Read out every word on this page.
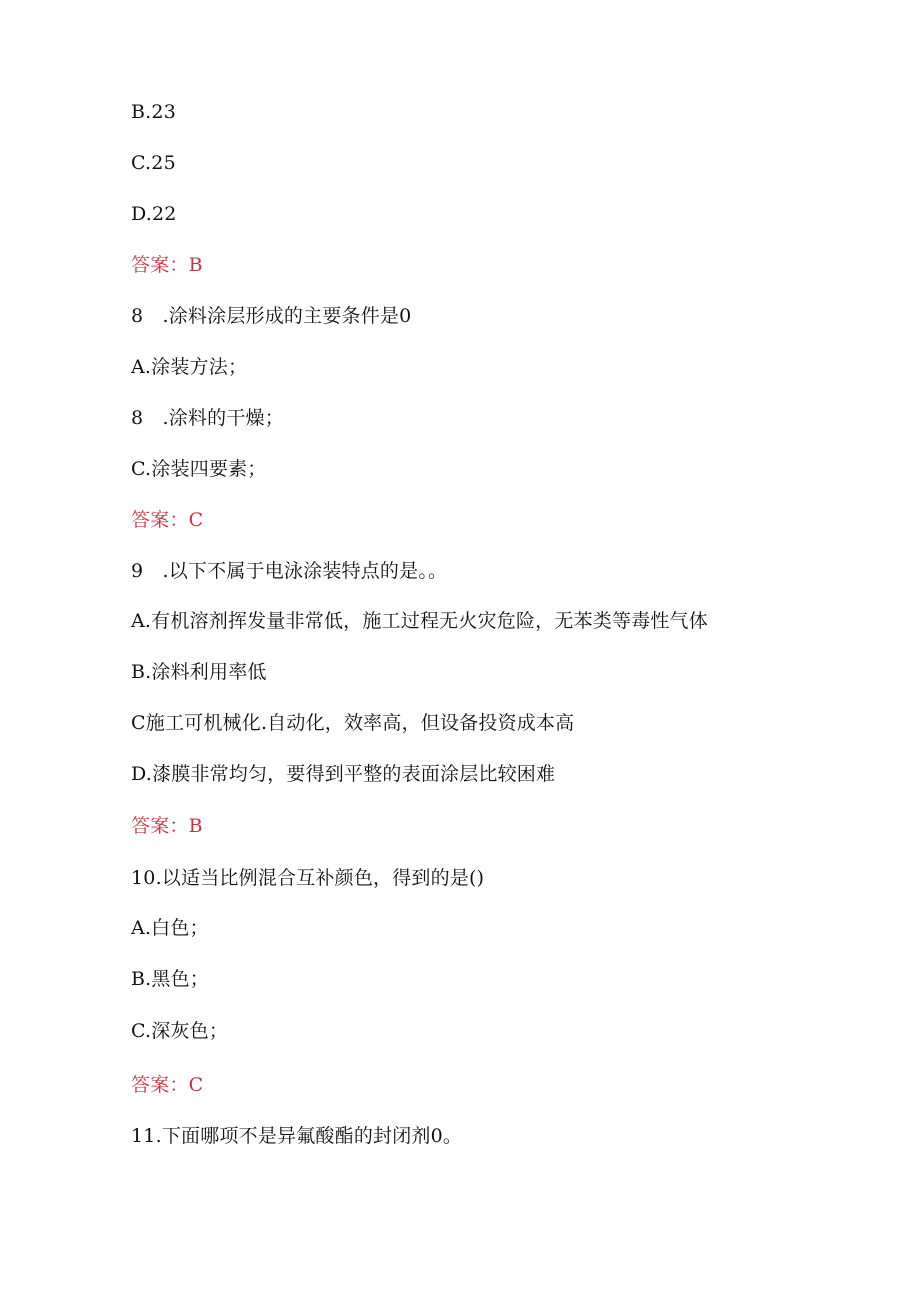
B.23
C.25
D.22
答案：B
8　.涂料涂层形成的主要条件是0
A.涂装方法；
8　.涂料的干燥；
C.涂装四要素；
答案：C
9　.以下不属于电泳涂装特点的是。。
A.有机溶剂挥发量非常低，施工过程无火灾危险，无苯类等毒性气体
B.涂料利用率低
C施工可机械化.自动化，效率高，但设备投资成本高
D.漆膜非常均匀，要得到平整的表面涂层比较困难
答案：B
10.以适当比例混合互补颜色，得到的是()
A.白色；
B.黑色；
C.深灰色；
答案：C
11.下面哪项不是异氟酸酯的封闭剂0。
